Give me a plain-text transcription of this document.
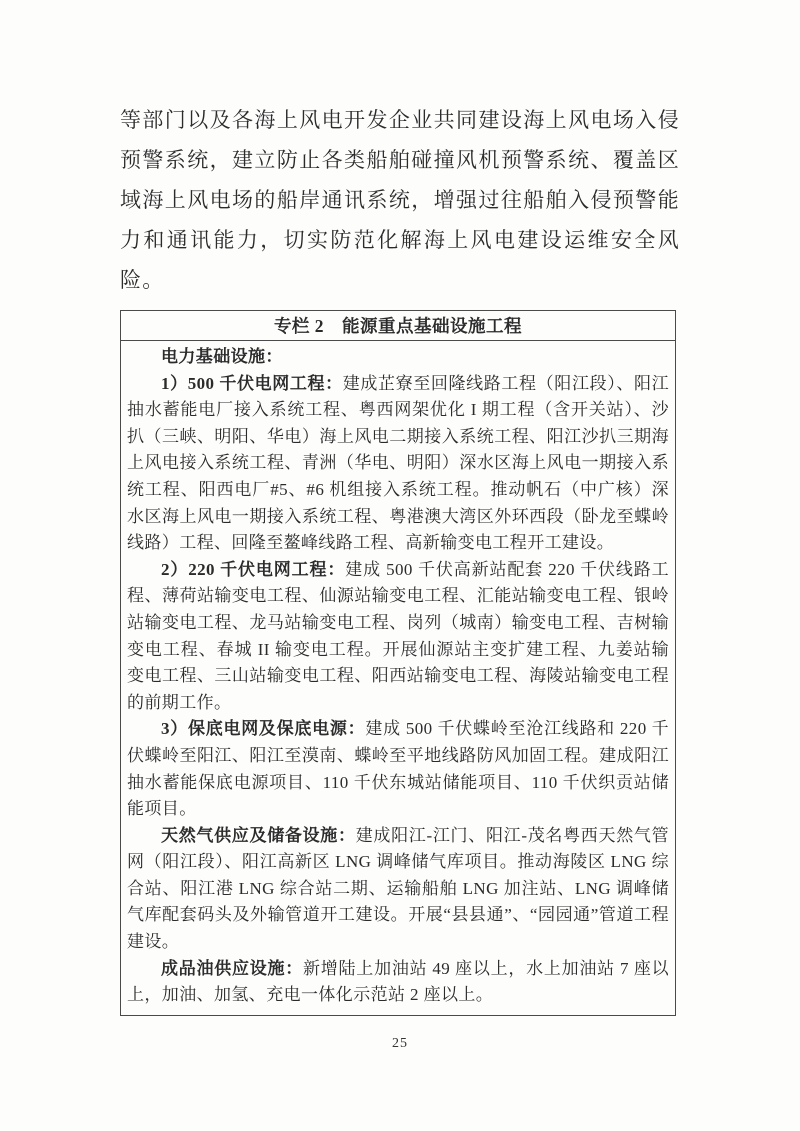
等部门以及各海上风电开发企业共同建设海上风电场入侵预警系统，建立防止各类船舶碰撞风机预警系统、覆盖区域海上风电场的船岸通讯系统，增强过往船舶入侵预警能力和通讯能力，切实防范化解海上风电建设运维安全风险。

专栏 2　能源重点基础设施工程

电力基础设施：

1）500 千伏电网工程：建成芷寮至回隆线路工程（阳江段）、阳江抽水蓄能电厂接入系统工程、粤西网架优化 I 期工程（含开关站）、沙扒（三峡、明阳、华电）海上风电二期接入系统工程、阳江沙扒三期海上风电接入系统工程、青洲（华电、明阳）深水区海上风电一期接入系统工程、阳西电厂#5、#6 机组接入系统工程。推动帆石（中广核）深水区海上风电一期接入系统工程、粤港澳大湾区外环西段（卧龙至蝶岭线路）工程、回隆至鳌峰线路工程、高新输变电工程开工建设。

2）220 千伏电网工程：建成 500 千伏高新站配套 220 千伏线路工程、薄荷站输变电工程、仙源站输变电工程、汇能站输变电工程、银岭站输变电工程、龙马站输变电工程、岗列（城南）输变电工程、吉树输变电工程、春城 II 输变电工程。开展仙源站主变扩建工程、九姜站输变电工程、三山站输变电工程、阳西站输变电工程、海陵站输变电工程的前期工作。

3）保底电网及保底电源：建成 500 千伏蝶岭至沧江线路和 220 千伏蝶岭至阳江、阳江至漠南、蝶岭至平地线路防风加固工程。建成阳江抽水蓄能保底电源项目、110 千伏东城站储能项目、110 千伏织贡站储能项目。

天然气供应及储备设施：建成阳江-江门、阳江-茂名粤西天然气管网（阳江段）、阳江高新区 LNG 调峰储气库项目。推动海陵区 LNG 综合站、阳江港 LNG 综合站二期、运输船舶 LNG 加注站、LNG 调峰储气库配套码头及外输管道开工建设。开展“县县通”、“园园通”管道工程建设。

成品油供应设施：新增陆上加油站 49 座以上，水上加油站 7 座以上，加油、加氢、充电一体化示范站 2 座以上。

25
